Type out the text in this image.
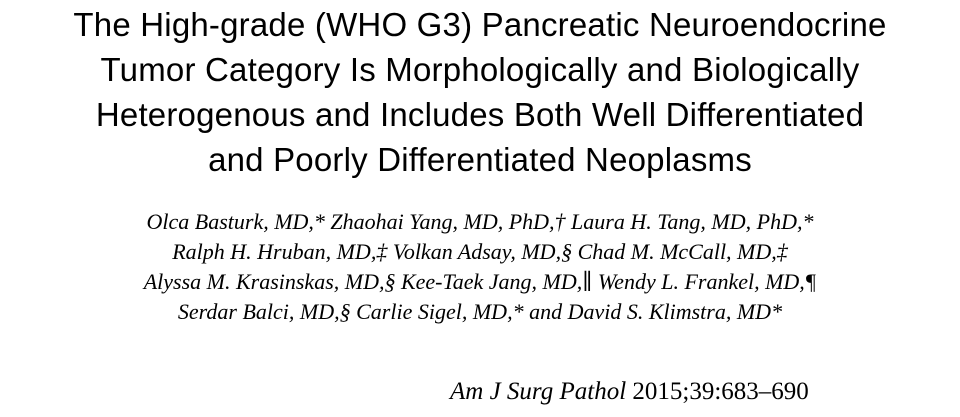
The High-grade (WHO G3) Pancreatic Neuroendocrine
Tumor Category Is Morphologically and Biologically
Heterogenous and Includes Both Well Differentiated
and Poorly Differentiated Neoplasms
Olca Basturk, MD,* Zhaohai Yang, MD, PhD,† Laura H. Tang, MD, PhD,*
Ralph H. Hruban, MD,‡ Volkan Adsay, MD,§ Chad M. McCall, MD,‡
Alyssa M. Krasinskas, MD,§ Kee-Taek Jang, MD,∥ Wendy L. Frankel, MD,¶
Serdar Balci, MD,§ Carlie Sigel, MD,* and David S. Klimstra, MD*
Am J Surg Pathol 2015;39:683–690
